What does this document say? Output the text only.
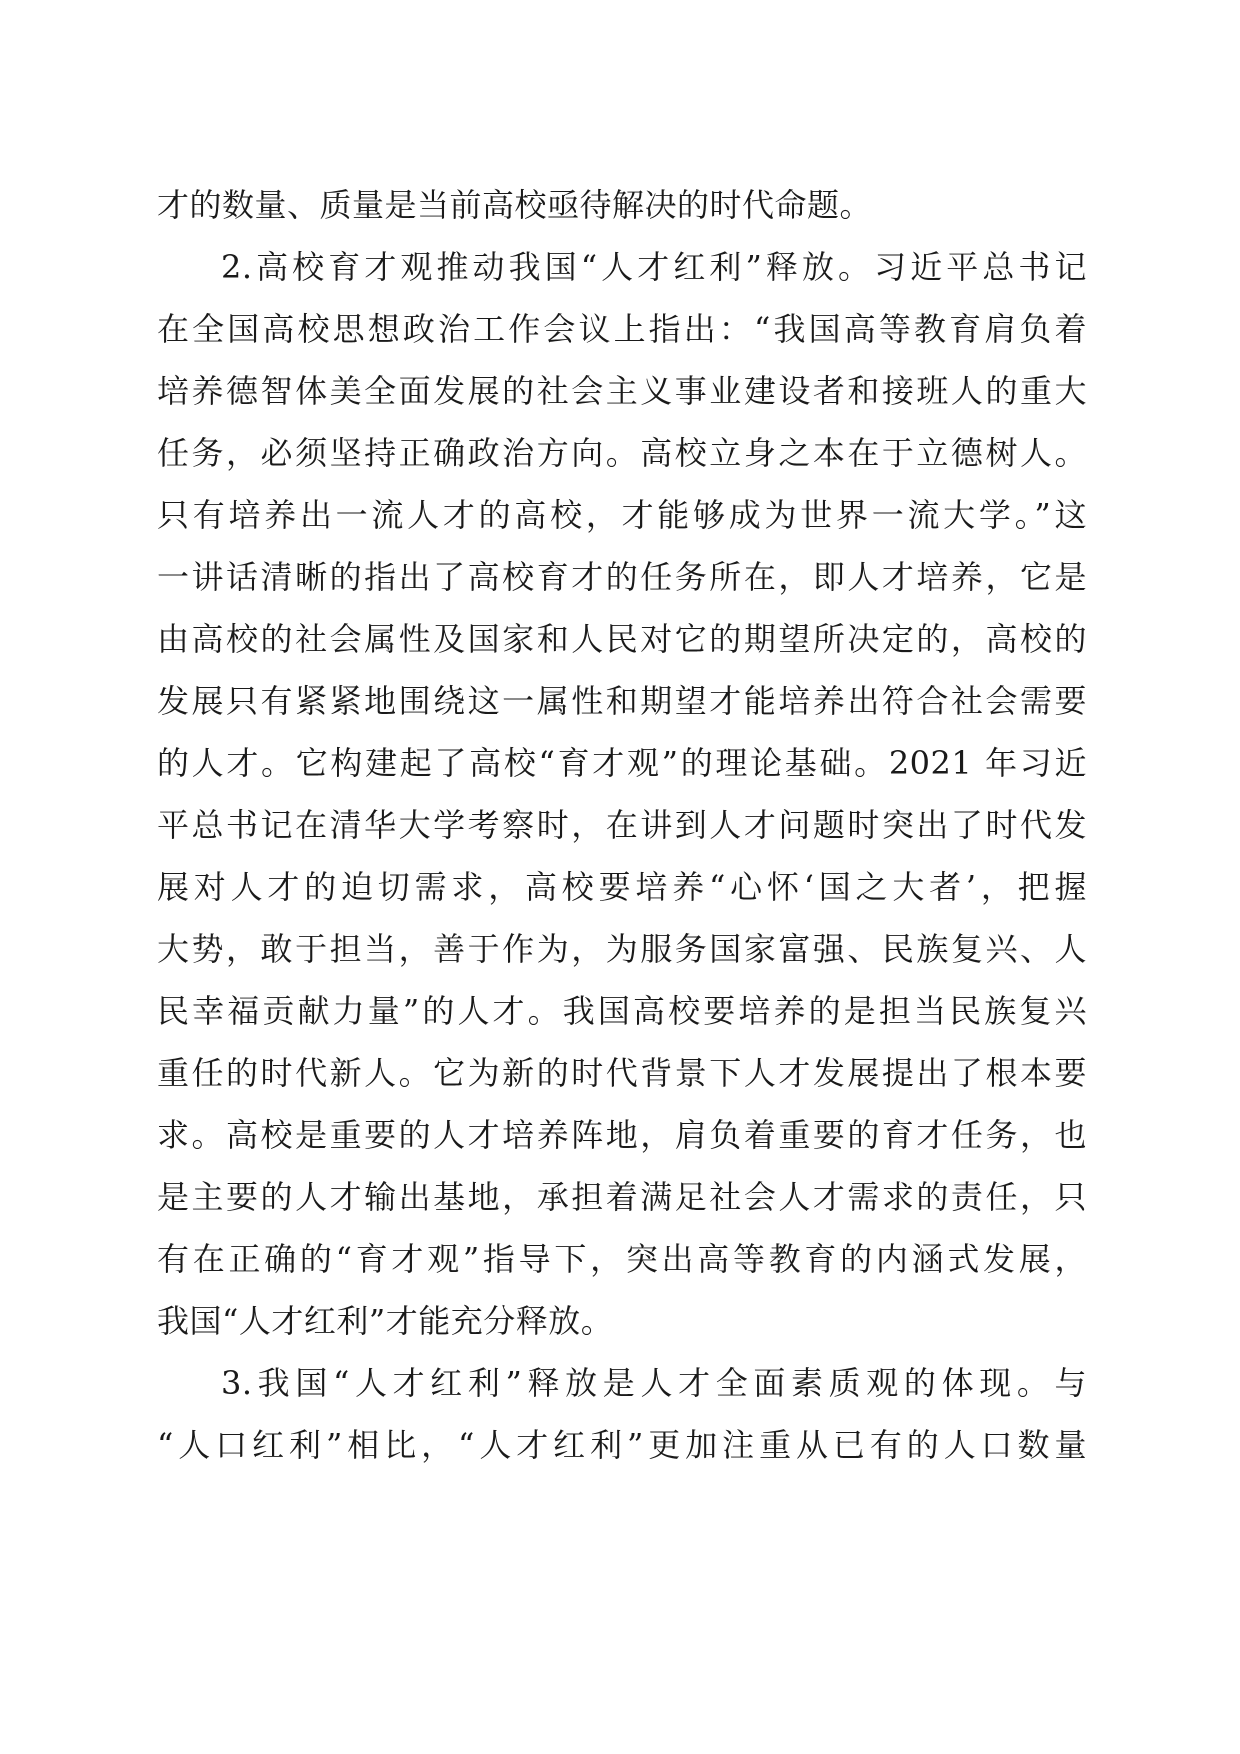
才的数量、质量是当前高校亟待解决的时代命题。
2.高校育才观推动我国“人才红利”释放。习近平总书记
在全国高校思想政治工作会议上指出：“我国高等教育肩负着
培养德智体美全面发展的社会主义事业建设者和接班人的重大
任务，必须坚持正确政治方向。高校立身之本在于立德树人。
只有培养出一流人才的高校，才能够成为世界一流大学。”这
一讲话清晰的指出了高校育才的任务所在，即人才培养，它是
由高校的社会属性及国家和人民对它的期望所决定的，高校的
发展只有紧紧地围绕这一属性和期望才能培养出符合社会需要
的人才。它构建起了高校“育才观”的理论基础。2021 年习近
平总书记在清华大学考察时，在讲到人才问题时突出了时代发
展对人才的迫切需求，高校要培养“心怀‘国之大者’，把握
大势，敢于担当，善于作为，为服务国家富强、民族复兴、人
民幸福贡献力量”的人才。我国高校要培养的是担当民族复兴
重任的时代新人。它为新的时代背景下人才发展提出了根本要
求。高校是重要的人才培养阵地，肩负着重要的育才任务，也
是主要的人才输出基地，承担着满足社会人才需求的责任，只
有在正确的“育才观”指导下，突出高等教育的内涵式发展，
我国“人才红利”才能充分释放。
3.我国“人才红利”释放是人才全面素质观的体现。与
“人口红利”相比，“人才红利”更加注重从已有的人口数量
